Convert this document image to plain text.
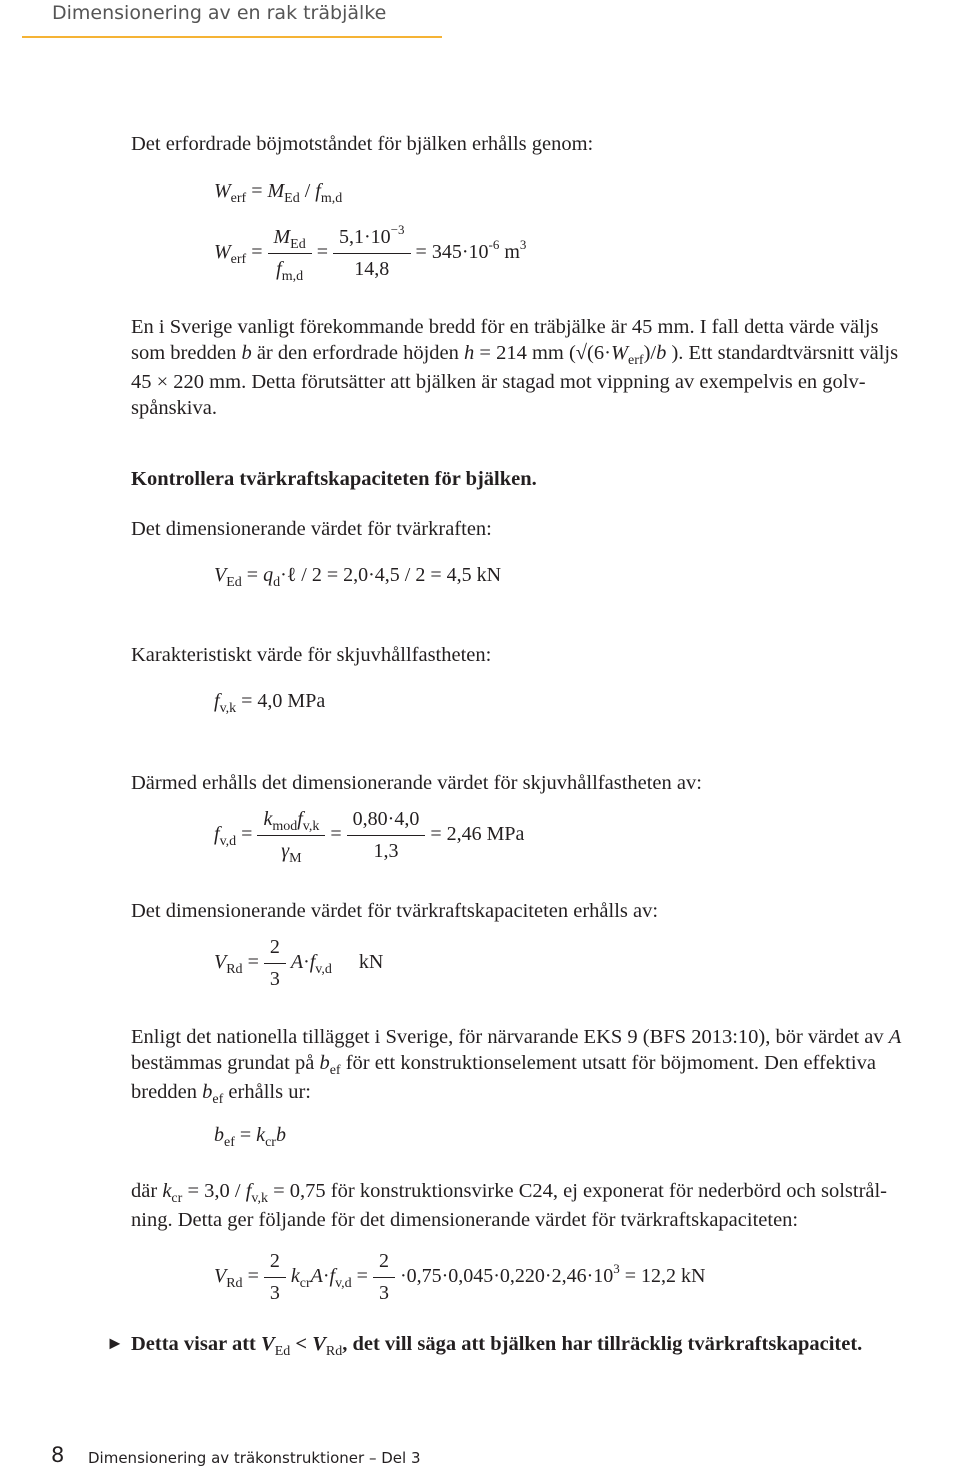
Dimensionering av en rak träbjälke

Det erfordrade böjmotståndet för bjälken erhålls genom:

$W_{erf} = M_{Ed} / f_{m,d}$
$W_{erf} = \frac{M_{Ed}}{f_{m,d}} = \frac{5,1\cdot 10^{-3}}{14,8} = 345\cdot 10^{-6}$ $m^3$
En i Sverige vanligt förekommande bredd för en träbjälke är 45 mm. I fall detta värde väljs
som bredden b är den erfordrade höjden h = 214 mm ($√(6\cdot W_{erf})/b$ ). Ett standardtvärsnitt väljs
45 × 220 mm. Detta förutsätter att bjälken är stagad mot vippning av exempelvis en golv-
spånskiva.

Kontrollera tvärkraftskapaciteten för bjälken.

Det dimensionerande värdet för tvärkraften:

$V_{Ed}$ = $q_d\cdot\ell / 2 = 2,0\cdot 4,5 / 2 = 4,5$ kN

Karakteristiskt värde för skjuvhållfastheten:

$f_{v,k} = 4,0$ MPa

Därmed erhålls det dimensionerande värdet för skjuvhållfastheten av:

$f_{v,d} = \frac{k_{mod}f_{v,k}}{\gamma_M} = \frac{0,80\cdot 4,0}{1,3} = 2,46$ MPa

Det dimensionerande värdet för tvärkraftskapaciteten erhålls av:

$V_{Rd} = \frac{2}{3} A\cdot f_{v,d}$ kN
Enligt det nationella tillägget i Sverige, för närvarande EKS 9 (BFS 2013:10), bör värdet av A
bestämmas grundat på $b_{ef}$ för ett konstruktionselement utsatt för böjmoment. Den effektiva
bredden $b_{ef}$ erhålls ur:
$b_{ef} = k_{cr}b$
där $k_{cr} = 3,0 / f_{v,k} = 0,75$ för konstruktionsvirke C24, ej exponerat för nederbörd och solstrål-
ning. Detta ger följande för det dimensionerande värdet för tvärkraftskapaciteten:
$V_{Rd} = \frac{2}{3} k_{cr}A\cdot f_{v,d} = \frac{2}{3} \cdot 0,75\cdot 0,045\cdot 0,220\cdot 2,46\cdot 10^3 = 12,2$ kN
► Detta visar att $V_{Ed} < V_{Rd}$, det vill säga att bjälken har tillräcklig tvärkraftskapacitet.
8 Dimensionering av träkonstruktioner – Del 3
